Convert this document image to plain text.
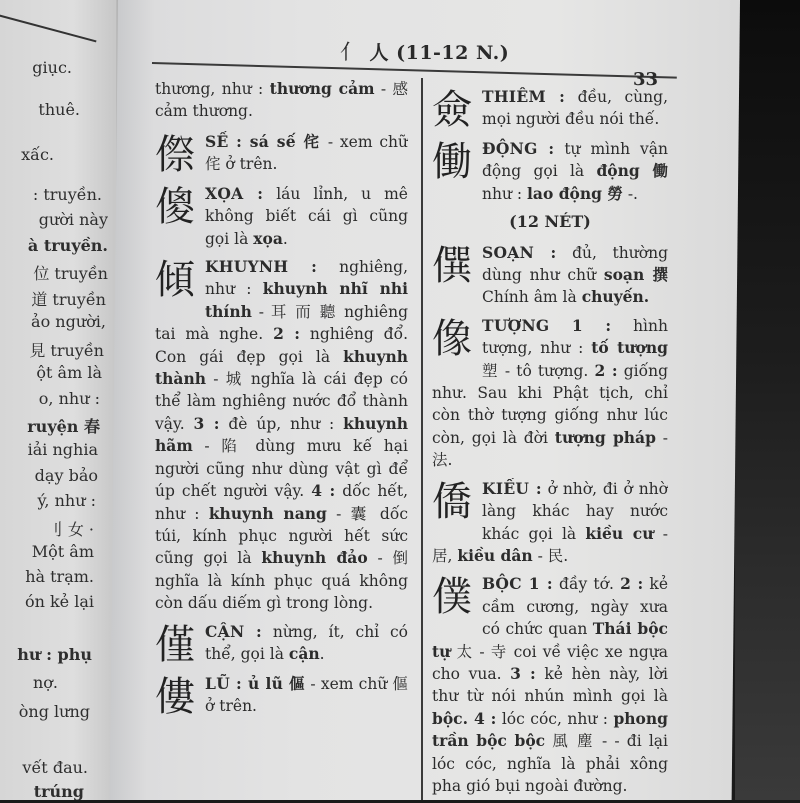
giục.
thuê.
xấc.
: truyền.
gười này
à truyền.
位 truyền
道 truyền
ảo người,
見 truyền
ột âm là
o, như :
ruyện 春
iải nghia
dạy bảo
ý, như :
刂 女 ·
Một âm
hà trạm.
ón kẻ lại
hư : phụ
nợ.
òng lưng
vết đau.
trúng
亻 人 (11-12 N.)
33
thương, như : thương cảm - 感 cảm thương.
傺SẾ : sá sế 侘 - xem chữ 侘 ở trên.
傻XỌA : láu lỉnh, u mê không biết cái gì cũng gọi là xọa.
傾KHUYNH : nghiêng, như : khuynh nhĩ nhi thính - 耳 而 聽 nghiêng tai mà nghe. 2 : nghiêng đổ. Con gái đẹp gọi là khuynh thành - 城 nghĩa là cái đẹp có thể làm nghiêng nước đổ thành vậy. 3 : đè úp, như : khuynh hãm - 陷 dùng mưu kế hại người cũng như dùng vật gì để úp chết người vậy. 4 : dốc hết, như : khuynh nang - 囊 dốc túi, kính phục người hết sức cũng gọi là khuynh đảo - 倒 nghĩa là kính phục quá không còn dấu diếm gì trong lòng.
僅CẬN : nừng, ít, chỉ có thể, gọi là cận.
僂LŨ : ủ lũ 傴 - xem chữ 傴 ở trên.
僉THIÊM : đều, cùng, mọi người đều nói thế.
働ĐỘNG : tự mình vận động gọi là động 働 như : lao động 勞 -.
(12 NÉT)
僎SOẠN : đủ, thường dùng như chữ soạn 撰 Chính âm là chuyến.
像TƯỢNG 1 : hình tượng, như : tố tượng 塑 - tô tượng. 2 : giống như. Sau khi Phật tịch, chỉ còn thờ tượng giống như lúc còn, gọi là đời tượng pháp - 法.
僑KIỀU : ở nhờ, đi ở nhờ làng khác hay nước khác gọi là kiều cư - 居, kiều dân - 民.
僕BỘC 1 : đầy tớ. 2 : kẻ cầm cương, ngày xưa có chức quan Thái bộc tự 太 - 寺 coi về việc xe ngựa cho vua. 3 : kẻ hèn này, lời thư từ nói nhún mình gọi là bộc. 4 : lóc cóc, như : phong trần bộc bộc 風 塵 - - đi lại lóc cóc, nghĩa là phải xông pha gió bụi ngoài đường.
